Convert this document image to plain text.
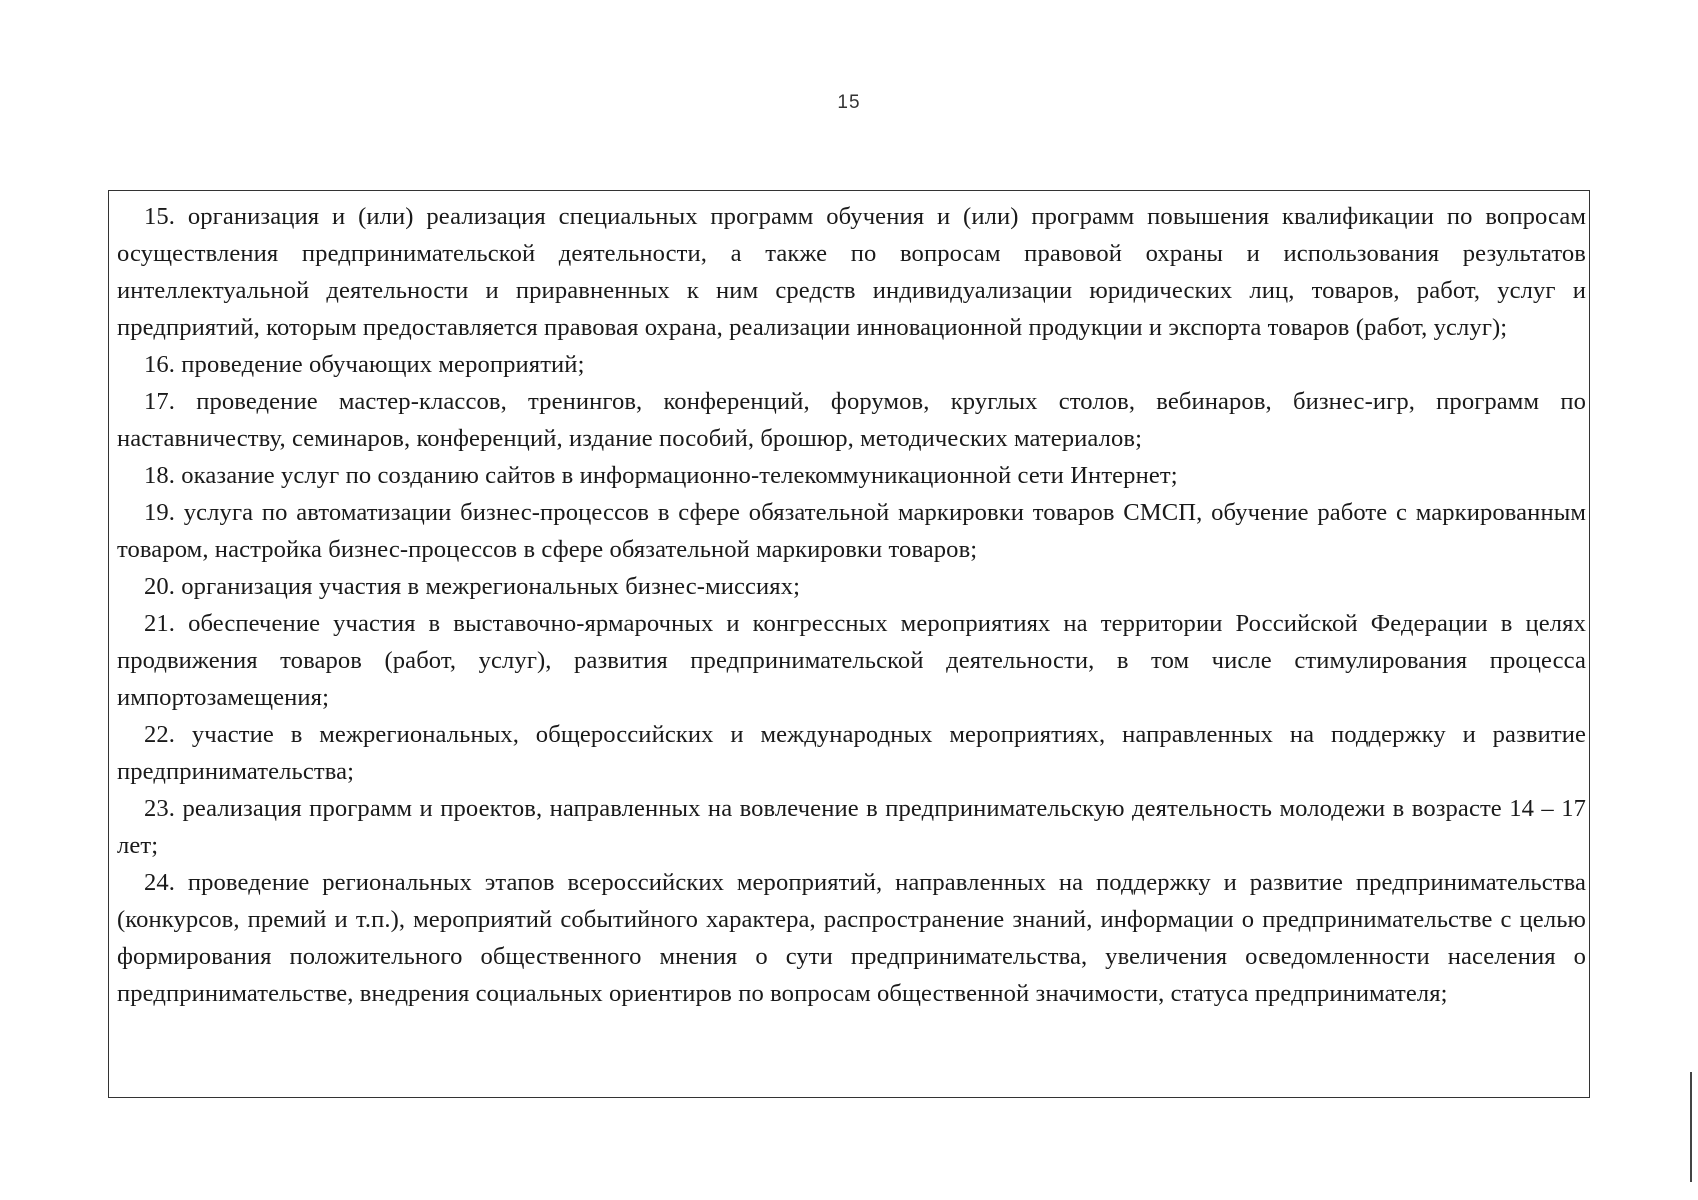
15

15. организация и (или) реализация специальных программ обучения и (или) программ повышения квалификации по вопросам осуществления предпринимательской деятельности, а также по вопросам правовой охраны и использования результатов интеллектуальной деятельности и приравненных к ним средств индивидуализации юридических лиц, товаров, работ, услуг и предприятий, которым предоставляется правовая охрана, реализации инновационной продукции и экспорта товаров (работ, услуг);

16. проведение обучающих мероприятий;

17. проведение мастер-классов, тренингов, конференций, форумов, круглых столов, вебинаров, бизнес-игр, программ по наставничеству, семинаров, конференций, издание пособий, брошюр, методических материалов;

18. оказание услуг по созданию сайтов в информационно-телекоммуникационной сети Интернет;

19. услуга по автоматизации бизнес-процессов в сфере обязательной маркировки товаров СМСП, обучение работе с маркированным товаром, настройка бизнес-процессов в сфере обязательной маркировки товаров;

20. организация участия в межрегиональных бизнес-миссиях;

21. обеспечение участия в выставочно-ярмарочных и конгрессных мероприятиях на территории Российской Федерации в целях продвижения товаров (работ, услуг), развития предпринимательской деятельности, в том числе стимулирования процесса импортозамещения;

22. участие в межрегиональных, общероссийских и международных мероприятиях, направленных на поддержку и развитие предпринимательства;

23. реализация программ и проектов, направленных на вовлечение в предпринимательскую деятельность молодежи в возрасте 14 – 17 лет;

24. проведение региональных этапов всероссийских мероприятий, направленных на поддержку и развитие предпринимательства (конкурсов, премий и т.п.), мероприятий событийного характера, распространение знаний, информации о предпринимательстве с целью формирования положительного общественного мнения о сути предпринимательства, увеличения осведомленности населения о предпринимательстве, внедрения социальных ориентиров по вопросам общественной значимости, статуса предпринимателя;
